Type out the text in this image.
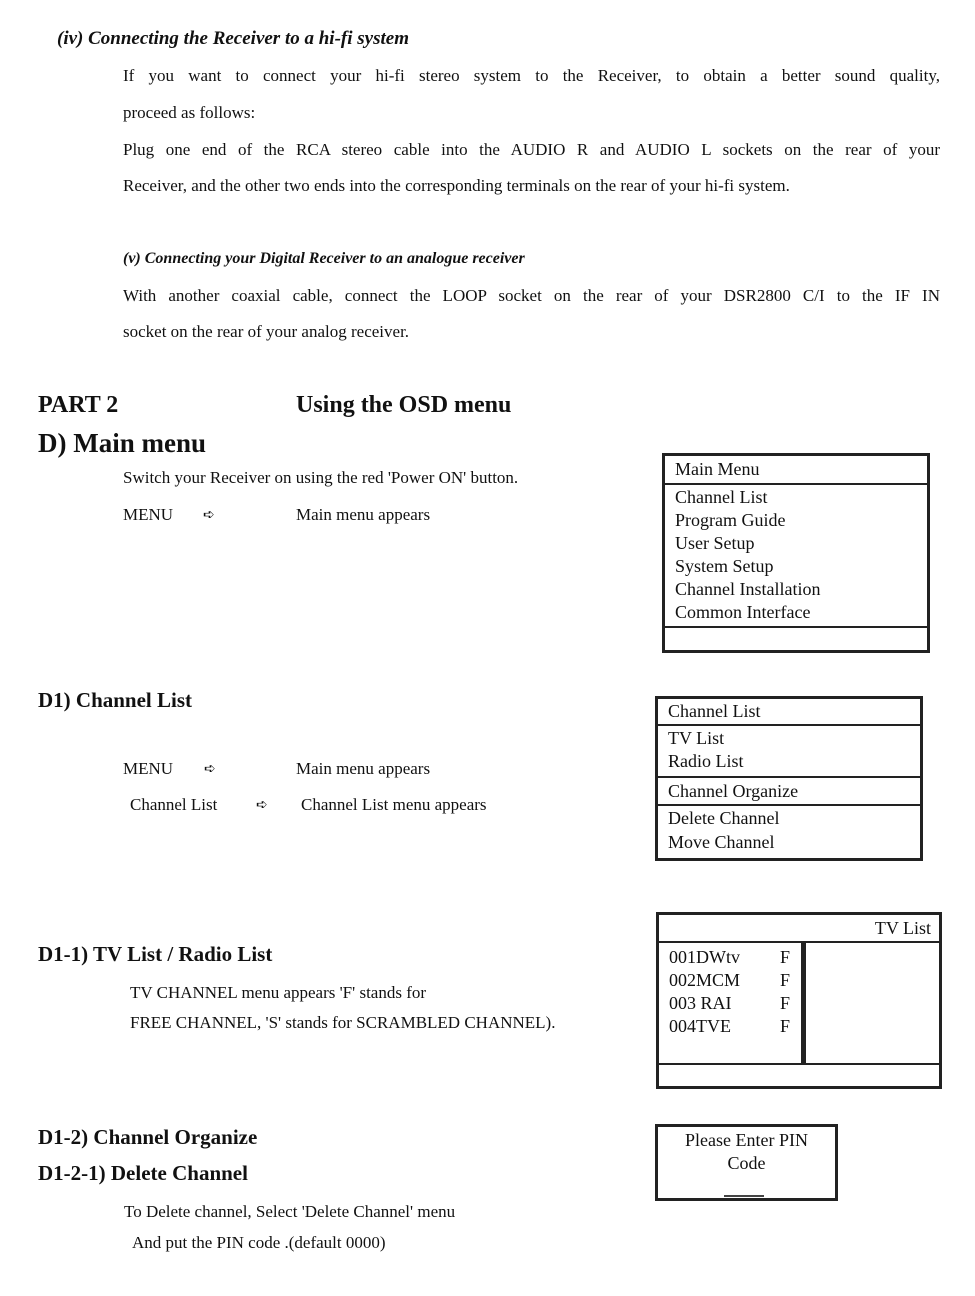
(iv) Connecting the Receiver to a hi-fi system
If you want to connect your hi-fi stereo system to the Receiver, to obtain a better sound quality,
proceed as follows:
Plug one end of the RCA stereo cable into the AUDIO R and AUDIO L sockets on the rear of your
Receiver, and the other two ends into the corresponding terminals on the rear of your hi-fi system.
(v) Connecting your Digital Receiver to an analogue receiver
With another coaxial cable, connect the LOOP socket on the rear of your DSR2800 C/I to the IF IN
socket on the rear of your analog receiver.
PART 2	Using the OSD menu
D) Main menu
Switch your Receiver on using the red 'Power ON' button.
MENU ➪	Main menu appears
Main Menu
Channel List
Program Guide
User Setup
System Setup
Channel Installation
Common Interface
D1) Channel List
MENU ➪	Main menu appears
Channel List	➪ Channel List menu appears
Channel List
TV List
Radio List
Channel Organize
Delete Channel
Move Channel
D1-1) TV List / Radio List
TV CHANNEL menu appears 'F' stands for
FREE CHANNEL, 'S' stands for SCRAMBLED CHANNEL).
TV List
001DWtv F
002MCM F
003 RAI	F
004TVE	F
D1-2) Channel Organize
D1-2-1) Delete Channel
To Delete channel, Select 'Delete Channel' menu
And put the PIN code .(default 0000)
Please Enter PIN
Code
